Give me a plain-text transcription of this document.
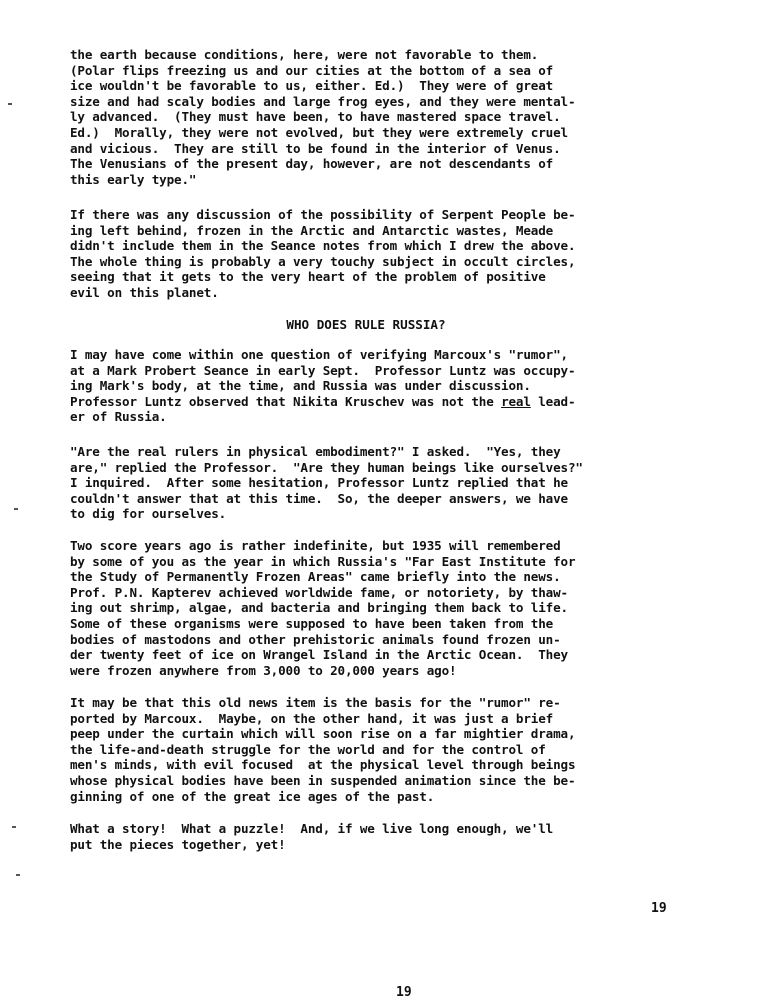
the earth because conditions, here, were not favorable to them.
(Polar flips freezing us and our cities at the bottom of a sea of
ice wouldn't be favorable to us, either. Ed.)  They were of great
size and had scaly bodies and large frog eyes, and they were mental-
ly advanced.  (They must have been, to have mastered space travel.
Ed.)  Morally, they were not evolved, but they were extremely cruel
and vicious.  They are still to be found in the interior of Venus.
The Venusians of the present day, however, are not descendants of
this early type."
If there was any discussion of the possibility of Serpent People be-
ing left behind, frozen in the Arctic and Antarctic wastes, Meade
didn't include them in the Seance notes from which I drew the above.
The whole thing is probably a very touchy subject in occult circles,
seeing that it gets to the very heart of the problem of positive
evil on this planet.
WHO DOES RULE RUSSIA?
I may have come within one question of verifying Marcoux's "rumor",
at a Mark Probert Seance in early Sept.  Professor Luntz was occupy-
ing Mark's body, at the time, and Russia was under discussion.
Professor Luntz observed that Nikita Kruschev was not the real lead-
er of Russia.
"Are the real rulers in physical embodiment?" I asked.  "Yes, they
are," replied the Professor.  "Are they human beings like ourselves?"
I inquired.  After some hesitation, Professor Luntz replied that he
couldn't answer that at this time.  So, the deeper answers, we have
to dig for ourselves.
Two score years ago is rather indefinite, but 1935 will remembered
by some of you as the year in which Russia's "Far East Institute for
the Study of Permanently Frozen Areas" came briefly into the news.
Prof. P.N. Kapterev achieved worldwide fame, or notoriety, by thaw-
ing out shrimp, algae, and bacteria and bringing them back to life.
Some of these organisms were supposed to have been taken from the
bodies of mastodons and other prehistoric animals found frozen un-
der twenty feet of ice on Wrangel Island in the Arctic Ocean.  They
were frozen anywhere from 3,000 to 20,000 years ago!
It may be that this old news item is the basis for the "rumor" re-
ported by Marcoux.  Maybe, on the other hand, it was just a brief
peep under the curtain which will soon rise on a far mightier drama,
the life-and-death struggle for the world and for the control of
men's minds, with evil focused  at the physical level through beings
whose physical bodies have been in suspended animation since the be-
ginning of one of the great ice ages of the past.
What a story!  What a puzzle!  And, if we live long enough, we'll
put the pieces together, yet!
19
19
